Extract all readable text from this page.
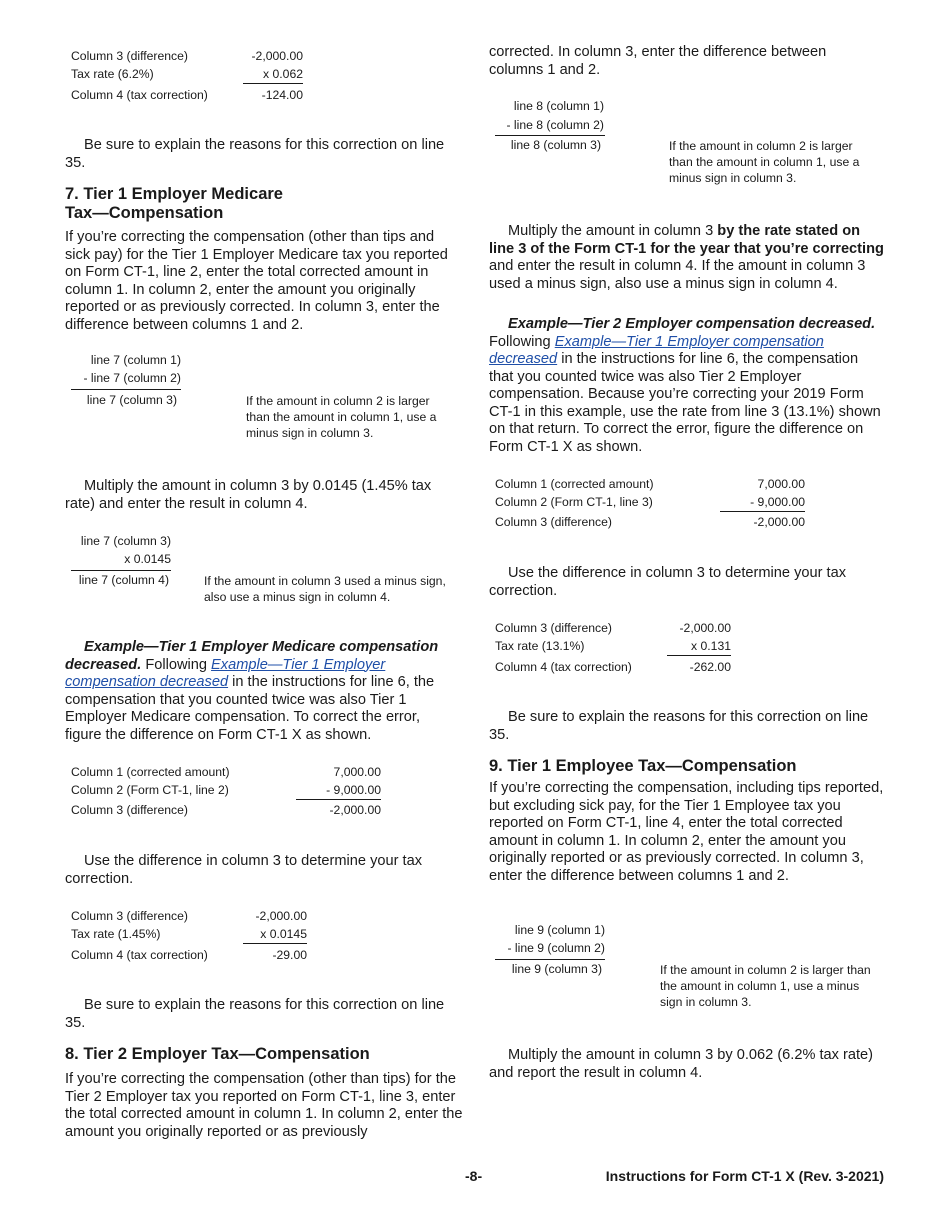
Column 3 (difference)	-2,000.00
Tax rate (6.2%)	x 0.062
Column 4 (tax correction)	-124.00

Be sure to explain the reasons for this correction on line 35.

7. Tier 1 Employer Medicare
Tax—Compensation

If you’re correcting the compensation (other than tips and sick pay) for the Tier 1 Employer Medicare tax you reported on Form CT-1, line 2, enter the total corrected amount in column 1. In column 2, enter the amount you originally reported or as previously corrected. In column 3, enter the difference between columns 1 and 2.

line 7 (column 1)
- line 7 (column 2)
line 7 (column 3)	If the amount in column 2 is larger than the amount in column 1, use a minus sign in column 3.

Multiply the amount in column 3 by 0.0145 (1.45% tax rate) and enter the result in column 4.

line 7 (column 3)
x 0.0145
line 7 (column 4)	If the amount in column 3 used a minus sign, also use a minus sign in column 4.

Example—Tier 1 Employer Medicare compensation decreased. Following Example—Tier 1 Employer compensation decreased in the instructions for line 6, the compensation that you counted twice was also Tier 1 Employer Medicare compensation. To correct the error, figure the difference on Form CT-1 X as shown.

Column 1 (corrected amount)	7,000.00
Column 2 (Form CT-1, line 2)	- 9,000.00
Column 3 (difference)	-2,000.00

Use the difference in column 3 to determine your tax correction.

Column 3 (difference)	-2,000.00
Tax rate (1.45%)	x 0.0145
Column 4 (tax correction)	-29.00

Be sure to explain the reasons for this correction on line 35.

8. Tier 2 Employer Tax—Compensation

If you’re correcting the compensation (other than tips) for the Tier 2 Employer tax you reported on Form CT-1, line 3, enter the total corrected amount in column 1. In column 2, enter the amount you originally reported or as previously

corrected. In column 3, enter the difference between columns 1 and 2.

line 8 (column 1)
- line 8 (column 2)
line 8 (column 3)	If the amount in column 2 is larger than the amount in column 1, use a minus sign in column 3.

Multiply the amount in column 3 by the rate stated on line 3 of the Form CT-1 for the year that you’re correcting and enter the result in column 4. If the amount in column 3 used a minus sign, also use a minus sign in column 4.

Example—Tier 2 Employer compensation decreased. Following Example—Tier 1 Employer compensation decreased in the instructions for line 6, the compensation that you counted twice was also Tier 2 Employer compensation. Because you’re correcting your 2019 Form CT-1 in this example, use the rate from line 3 (13.1%) shown on that return. To correct the error, figure the difference on Form CT-1 X as shown.

Column 1 (corrected amount)	7,000.00
Column 2 (Form CT-1, line 3)	- 9,000.00
Column 3 (difference)	-2,000.00

Use the difference in column 3 to determine your tax correction.

Column 3 (difference)	-2,000.00
Tax rate (13.1%)	x 0.131
Column 4 (tax correction)	-262.00

Be sure to explain the reasons for this correction on line 35.

9. Tier 1 Employee Tax—Compensation

If you’re correcting the compensation, including tips reported, but excluding sick pay, for the Tier 1 Employee tax you reported on Form CT-1, line 4, enter the total corrected amount in column 1. In column 2, enter the amount you originally reported or as previously corrected. In column 3, enter the difference between columns 1 and 2.

line 9 (column 1)
- line 9 (column 2)
line 9 (column 3)	If the amount in column 2 is larger than the amount in column 1, use a minus sign in column 3.

Multiply the amount in column 3 by 0.062 (6.2% tax rate) and report the result in column 4.

-8-	Instructions for Form CT-1 X (Rev. 3-2021)
